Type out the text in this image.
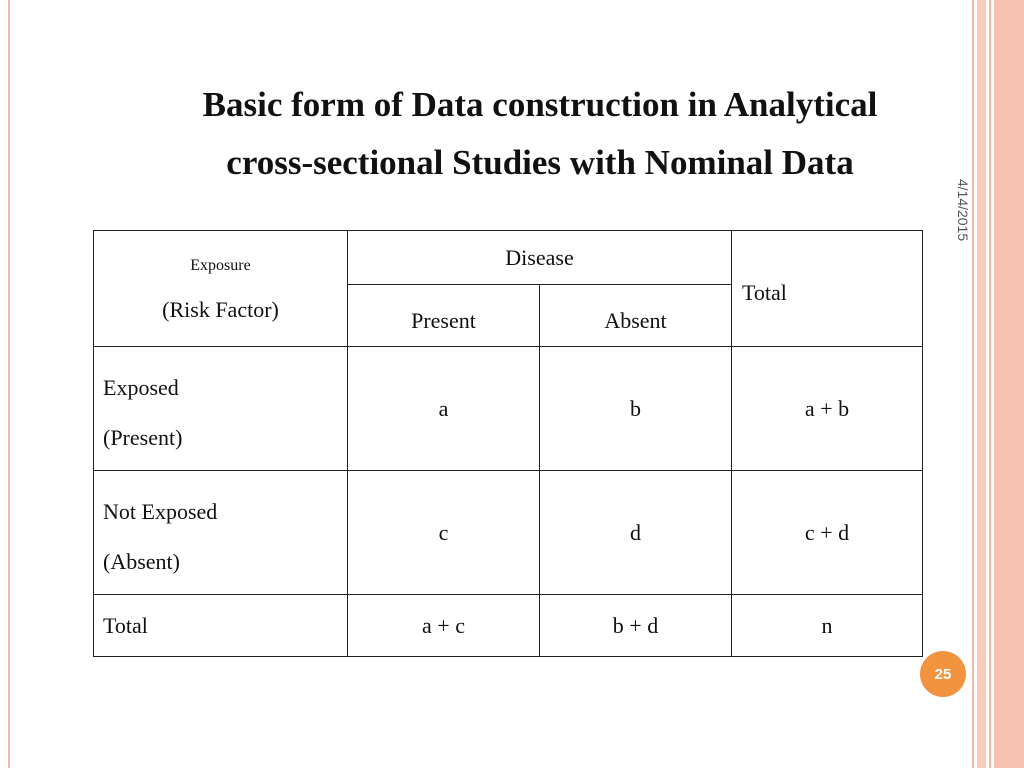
Basic form of Data construction in Analytical
cross-sectional Studies with Nominal Data
4/14/2015
Exposure
(Risk Factor)	Disease		Total

	Present	Absent	

Exposed
(Present)	a	b	a + b

Not Exposed
(Absent)	c	d	c + d
Total	a + c	b + d	n
25
